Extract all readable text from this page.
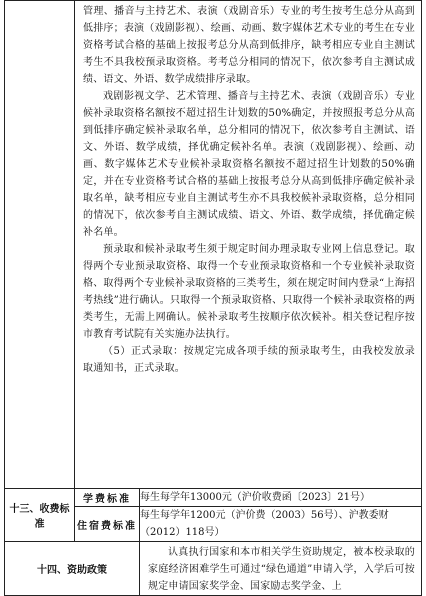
	管理、播音与主持艺术、表演（戏剧音乐）专业的考生按考生总分从高到低排序；表演（戏剧影视）、绘画、动画、数字媒体艺术专业的考生在专业资格考试合格的基础上按报考总分从高到低排序，缺考相应专业自主测试考生不具我校预录取资格。考考总分相同的情况下，依次参考自主测试成绩、语文、外语、数学成绩排序录取。

戏剧影视文学、艺术管理、播音与主持艺术、表演（戏剧音乐）专业候补录取资格名额按不超过招生计划数的50%确定，并按照报考总分从高到低排序确定候补录取名单，总分相同的情况下，依次参考自主测试、语文、外语、数学成绩，择优确定候补名单。表演（戏剧影视）、绘画、动画、数字媒体艺术专业候补录取资格名额按不超过招生计划数的50%确定，并在专业资格考试合格的基础上按报考总分从高到低排序确定候补录取名单，缺考相应专业自主测试考生亦不具我校候补录取资格，总分相同的情况下，依次参考自主测试成绩、语文、外语、数学成绩，择优确定候补名单。

预录取和候补录取考生须于规定时间办理录取专业网上信息登记。取得两个专业预录取资格、取得一个专业预录取资格和一个专业候补录取资格、取得两个专业候补录取资格的三类考生，须在规定时间内登录“上海招考热线”进行确认。只取得一个预录取资格、只取得一个候补录取资格的两类考生，无需上网确认。候补录取考生按顺序依次候补。相关登记程序按市教育考试院有关实施办法执行。

（5）正式录取：按规定完成各项手续的预录取考生，由我校发放录取通知书，正式录取。	

十三、收费标准	学费标准	每生每学年13000元（沪价收费函〔2023〕21号）
	住宿费标准	每生每学年1200元（沪价费（2003）56号）、沪教委财（2012）118号）
十四、资助政策		认真执行国家和本市相关学生资助规定，被本校录取的家庭经济困难学生可通过“绿色通道”申请入学，入学后可按规定申请国家奖学金、国家励志奖学金、上
